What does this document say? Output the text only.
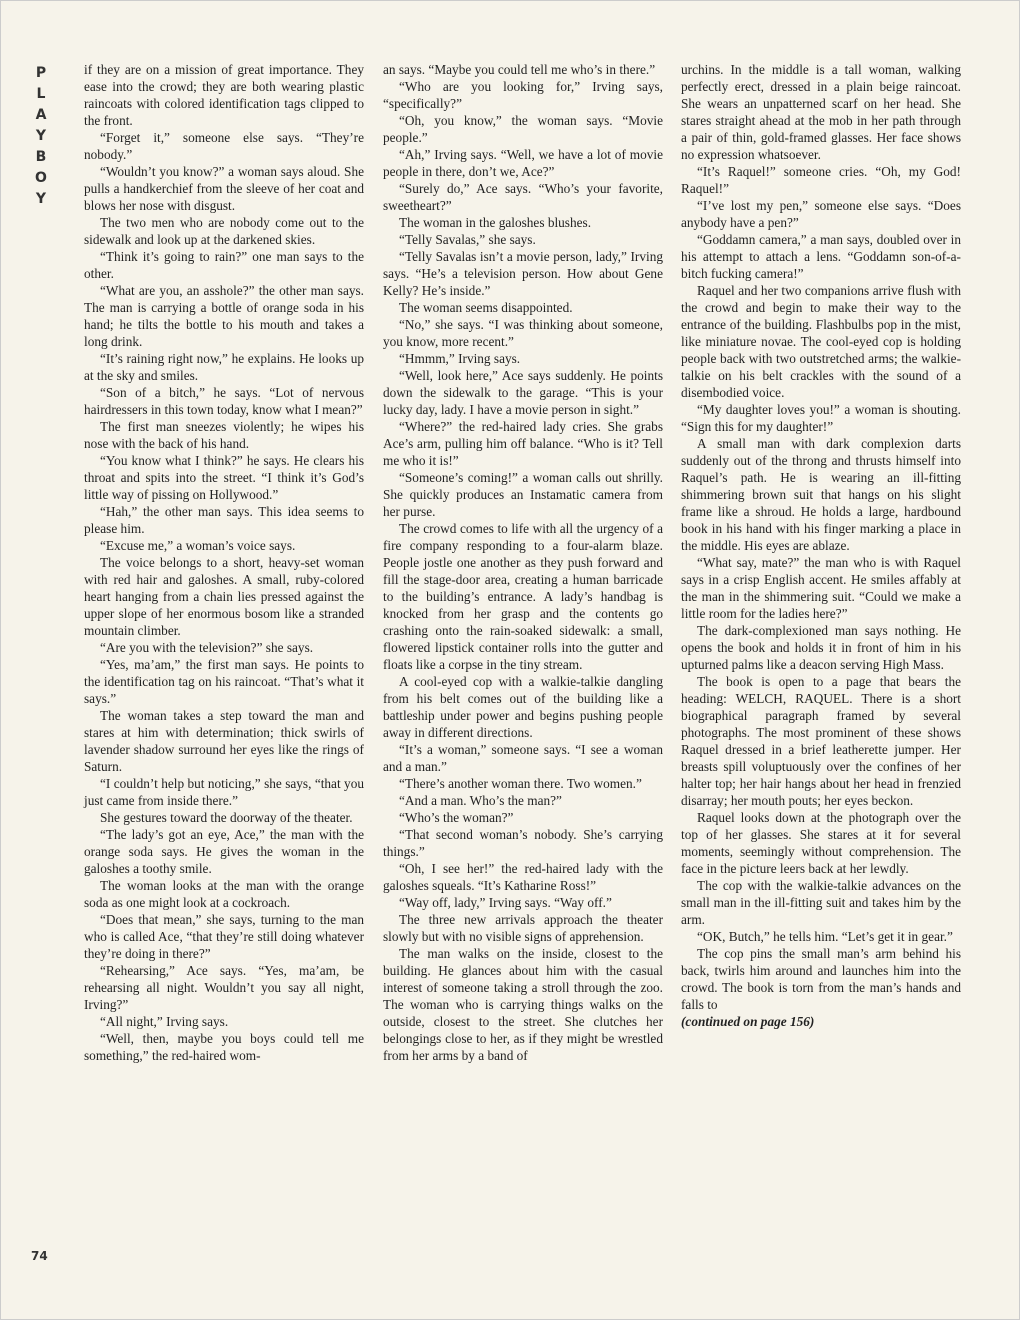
P
L
A
Y
B
O
Y

if they are on a mission of great importance. They ease into the crowd; they are both wearing plastic raincoats with colored identification tags clipped to the front.

“Forget it,” someone else says. “They’re nobody.”

“Wouldn’t you know?” a woman says aloud. She pulls a handkerchief from the sleeve of her coat and blows her nose with disgust.

The two men who are nobody come out to the sidewalk and look up at the darkened skies.

“Think it’s going to rain?” one man says to the other.

“What are you, an asshole?” the other man says. The man is carrying a bottle of orange soda in his hand; he tilts the bottle to his mouth and takes a long drink.

“It’s raining right now,” he explains. He looks up at the sky and smiles.

“Son of a bitch,” he says. “Lot of nervous hairdressers in this town today, know what I mean?”

The first man sneezes violently; he wipes his nose with the back of his hand.

“You know what I think?” he says. He clears his throat and spits into the street. “I think it’s God’s little way of pissing on Hollywood.”

“Hah,” the other man says. This idea seems to please him.

“Excuse me,” a woman’s voice says.

The voice belongs to a short, heavy-set woman with red hair and galoshes. A small, ruby-colored heart hanging from a chain lies pressed against the upper slope of her enormous bosom like a stranded mountain climber.

“Are you with the television?” she says.

“Yes, ma’am,” the first man says. He points to the identification tag on his raincoat. “That’s what it says.”

The woman takes a step toward the man and stares at him with determination; thick swirls of lavender shadow surround her eyes like the rings of Saturn.

“I couldn’t help but noticing,” she says, “that you just came from inside there.”

She gestures toward the doorway of the theater.

“The lady’s got an eye, Ace,” the man with the orange soda says. He gives the woman in the galoshes a toothy smile.

The woman looks at the man with the orange soda as one might look at a cockroach.

“Does that mean,” she says, turning to the man who is called Ace, “that they’re still doing whatever they’re doing in there?”

“Rehearsing,” Ace says. “Yes, ma’am, be rehearsing all night. Wouldn’t you say all night, Irving?”

“All night,” Irving says.

“Well, then, maybe you boys could tell me something,” the red-haired wom-

an says. “Maybe you could tell me who’s in there.”

“Who are you looking for,” Irving says, “specifically?”

“Oh, you know,” the woman says. “Movie people.”

“Ah,” Irving says. “Well, we have a lot of movie people in there, don’t we, Ace?”

“Surely do,” Ace says. “Who’s your favorite, sweetheart?”

The woman in the galoshes blushes.

“Telly Savalas,” she says.

“Telly Savalas isn’t a movie person, lady,” Irving says. “He’s a television person. How about Gene Kelly? He’s inside.”

The woman seems disappointed.

“No,” she says. “I was thinking about someone, you know, more recent.”

“Hmmm,” Irving says.

“Well, look here,” Ace says suddenly. He points down the sidewalk to the garage. “This is your lucky day, lady. I have a movie person in sight.”

“Where?” the red-haired lady cries. She grabs Ace’s arm, pulling him off balance. “Who is it? Tell me who it is!”

“Someone’s coming!” a woman calls out shrilly. She quickly produces an Instamatic camera from her purse.

The crowd comes to life with all the urgency of a fire company responding to a four-alarm blaze. People jostle one another as they push forward and fill the stage-door area, creating a human barricade to the building’s entrance. A lady’s handbag is knocked from her grasp and the contents go crashing onto the rain-soaked sidewalk: a small, flowered lipstick container rolls into the gutter and floats like a corpse in the tiny stream.

A cool-eyed cop with a walkie-talkie dangling from his belt comes out of the building like a battleship under power and begins pushing people away in different directions.

“It’s a woman,” someone says. “I see a woman and a man.”

“There’s another woman there. Two women.”

“And a man. Who’s the man?”

“Who’s the woman?”

“That second woman’s nobody. She’s carrying things.”

“Oh, I see her!” the red-haired lady with the galoshes squeals. “It’s Katharine Ross!”

“Way off, lady,” Irving says. “Way off.”

The three new arrivals approach the theater slowly but with no visible signs of apprehension.

The man walks on the inside, closest to the building. He glances about him with the casual interest of someone taking a stroll through the zoo. The woman who is carrying things walks on the outside, closest to the street. She clutches her belongings close to her, as if they might be wrestled from her arms by a band of

urchins. In the middle is a tall woman, walking perfectly erect, dressed in a plain beige raincoat. She wears an unpatterned scarf on her head. She stares straight ahead at the mob in her path through a pair of thin, gold-framed glasses. Her face shows no expression whatsoever.

“It’s Raquel!” someone cries. “Oh, my God! Raquel!”

“I’ve lost my pen,” someone else says. “Does anybody have a pen?”

“Goddamn camera,” a man says, doubled over in his attempt to attach a lens. “Goddamn son-of-a-bitch fucking camera!”

Raquel and her two companions arrive flush with the crowd and begin to make their way to the entrance of the building. Flashbulbs pop in the mist, like miniature novae. The cool-eyed cop is holding people back with two outstretched arms; the walkie-talkie on his belt crackles with the sound of a disembodied voice.

“My daughter loves you!” a woman is shouting. “Sign this for my daughter!”

A small man with dark complexion darts suddenly out of the throng and thrusts himself into Raquel’s path. He is wearing an ill-fitting shimmering brown suit that hangs on his slight frame like a shroud. He holds a large, hardbound book in his hand with his finger marking a place in the middle. His eyes are ablaze.

“What say, mate?” the man who is with Raquel says in a crisp English accent. He smiles affably at the man in the shimmering suit. “Could we make a little room for the ladies here?”

The dark-complexioned man says nothing. He opens the book and holds it in front of him in his upturned palms like a deacon serving High Mass.

The book is open to a page that bears the heading: WELCH, RAQUEL. There is a short biographical paragraph framed by several photographs. The most prominent of these shows Raquel dressed in a brief leatherette jumper. Her breasts spill voluptuously over the confines of her halter top; her hair hangs about her head in frenzied disarray; her mouth pouts; her eyes beckon.

Raquel looks down at the photograph over the top of her glasses. She stares at it for several moments, seemingly without comprehension. The face in the picture leers back at her lewdly.

The cop with the walkie-talkie advances on the small man in the ill-fitting suit and takes him by the arm.

“OK, Butch,” he tells him. “Let’s get it in gear.”

The cop pins the small man’s arm behind his back, twirls him around and launches him into the crowd. The book is torn from the man’s hands and falls to

(continued on page 156)

74
